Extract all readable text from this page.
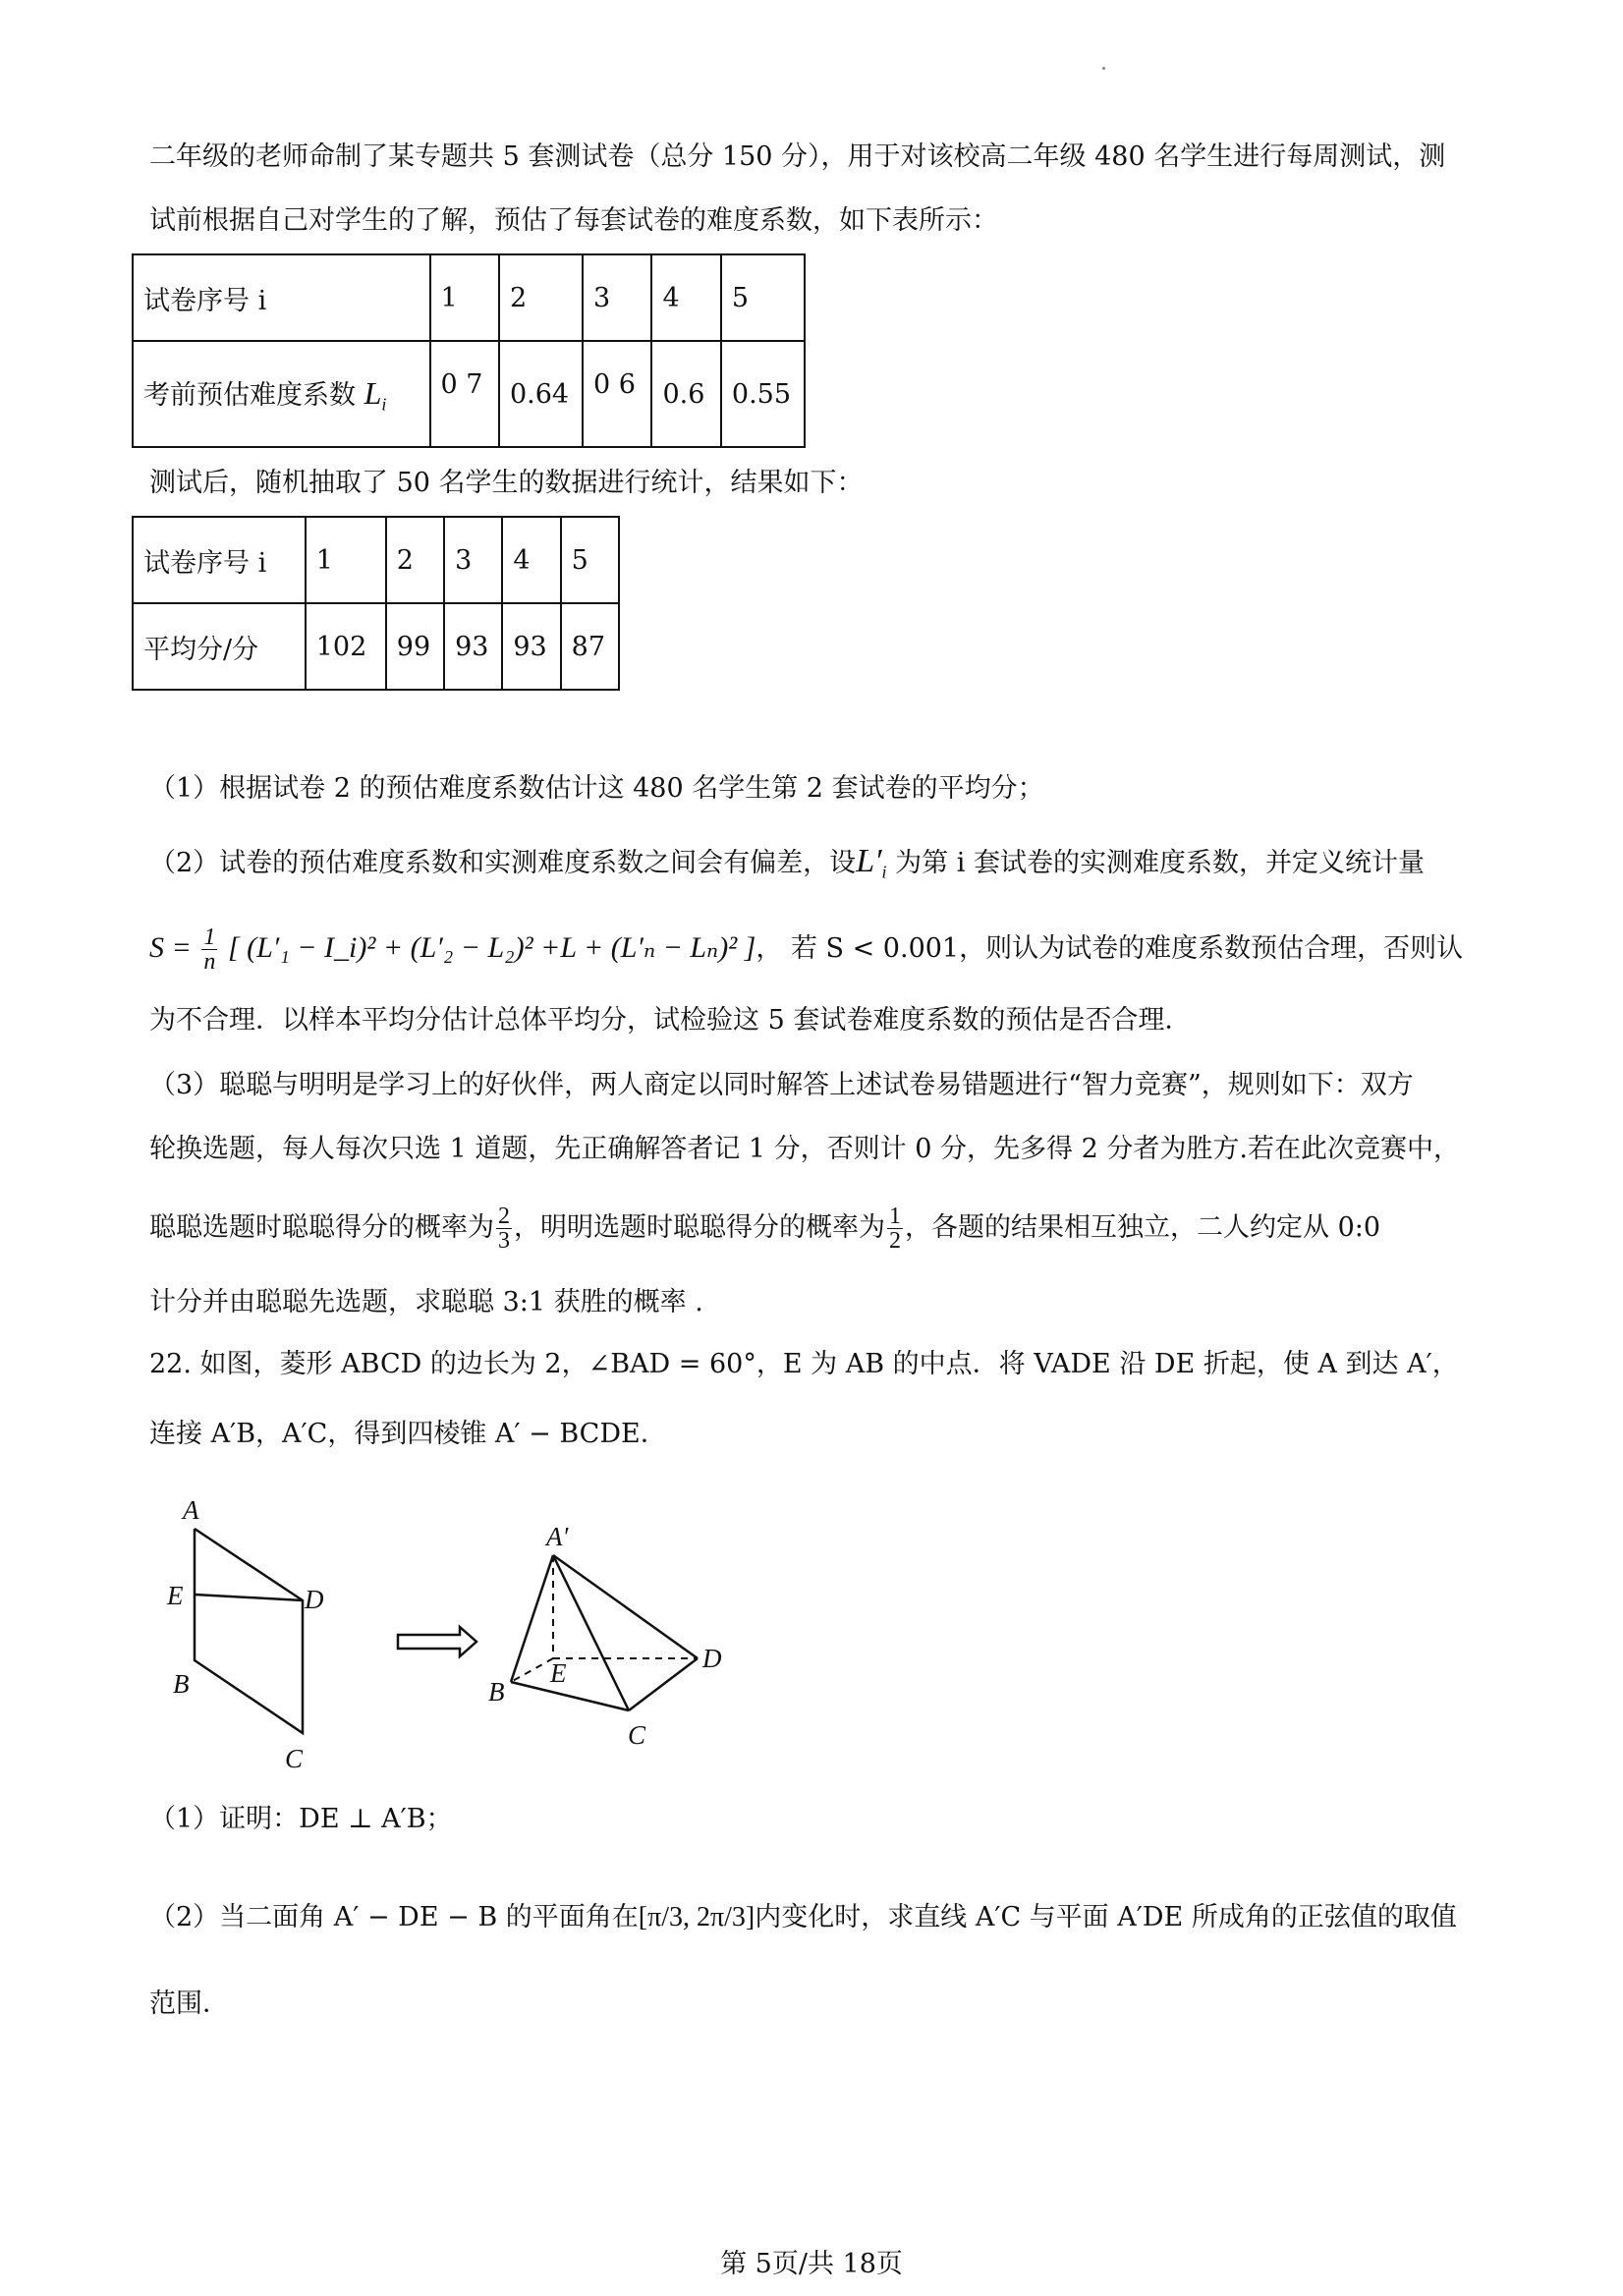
二年级的老师命制了某专题共 5 套测试卷（总分 150 分），用于对该校高二年级 480 名学生进行每周测试，测
试前根据自己对学生的了解，预估了每套试卷的难度系数，如下表所示：
试卷序号 i	1	2	3	4	5
考前预估难度系数 $L_i$	0 7	0.64	0 6	0.6	0.55
测试后，随机抽取了 50 名学生的数据进行统计，结果如下：
试卷序号 i	1	2	3	4	5
平均分/分	102	99	93	93	87
（1）根据试卷 2 的预估难度系数估计这 480 名学生第 2 套试卷的平均分；
（2）试卷的预估难度系数和实测难度系数之间会有偏差，设$L'_i$ 为第 i 套试卷的实测难度系数，并定义统计量
$S = \frac{1}{n}$ [ (L′₁ − I_i)² + (L′₂ − L₂)² +L + (L′ₙ − Lₙ)² ]， 若 S < 0.001，则认为试卷的难度系数预估合理，否则认
为不合理．以样本平均分估计总体平均分，试检验这 5 套试卷难度系数的预估是否合理．
（3）聪聪与明明是学习上的好伙伴，两人商定以同时解答上述试卷易错题进行“智力竞赛”，规则如下：双方
轮换选题，每人每次只选 1 道题，先正确解答者记 1 分，否则计 0 分，先多得 2 分者为胜方.若在此次竞赛中，
聪聪选题时聪聪得分的概率为 $\frac{2}{3}$ ，明明选题时聪聪得分的概率为 $\frac{1}{2}$ ，各题的结果相互独立，二人约定从 0:0
计分并由聪聪先选题，求聪聪 3:1 获胜的概率 .
22. 如图，菱形 ABCD 的边长为 2，∠BAD = 60°，E 为 AB 的中点．将 VADE 沿 DE 折起，使 A 到达 A′，
连接 A′B，A′C，得到四棱锥 A′ − BCDE．
A
E	D
B
C
A′
E	D
B
C
（1）证明：DE ⊥ A′B；
（2）当二面角 A′ − DE − B 的平面角在[π/3, 2π/3]内变化时，求直线 A′C 与平面 A′DE 所成角的正弦值的取值
范围．
第 5页/共 18页
